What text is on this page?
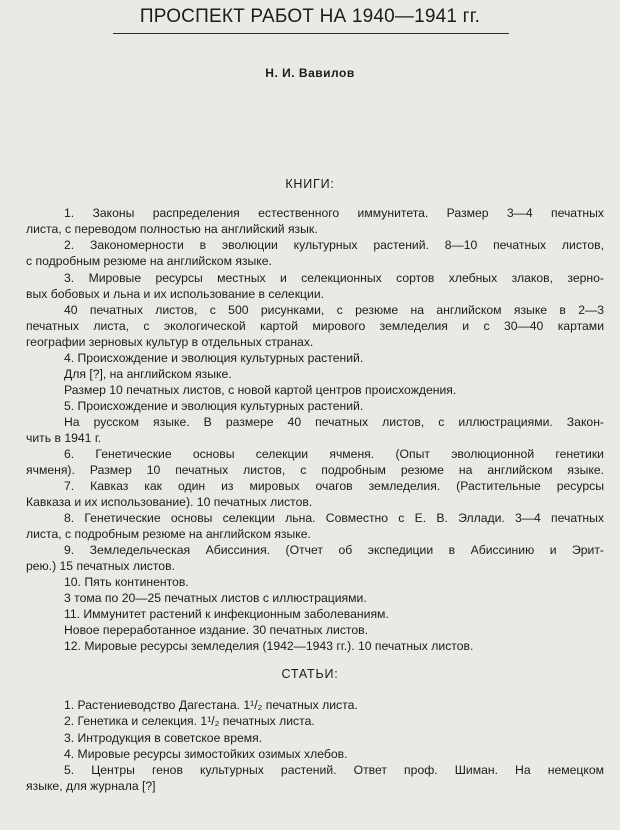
ПРОСПЕКТ РАБОТ НА 1940—1941 гг.
Н. И. Вавилов
КНИГИ:
1. Законы распределения естественного иммунитета. Размер 3—4 печатных
листа, с переводом полностью на английский язык.
2. Закономерности в эволюции культурных растений. 8—10 печатных листов,
с подробным резюме на английском языке.
3. Мировые ресурсы местных и селекционных сортов хлебных злаков, зерно-
вых бобовых и льна и их использование в селекции.
40 печатных листов, с 500 рисунками, с резюме на английском языке в 2—3
печатных листа, с экологической картой мирового земледелия и с 30—40 картами
географии зерновых культур в отдельных странах.
4. Происхождение и эволюция культурных растений.
Для [?], на английском языке.
Размер 10 печатных листов, с новой картой центров происхождения.
5. Происхождение и эволюция культурных растений.
На русском языке. В размере 40 печатных листов, с иллюстрациями. Закон-
чить в 1941 г.
6. Генетические основы селекции ячменя. (Опыт эволюционной генетики
ячменя). Размер 10 печатных листов, с подробным резюме на английском языке.
7. Кавказ как один из мировых очагов земледелия. (Растительные ресурсы
Кавказа и их использование). 10 печатных листов.
8. Генетические основы селекции льна. Совместно с Е. В. Эллади. 3—4 печатных
листа, с подробным резюме на английском языке.
9. Земледельческая Абиссиния. (Отчет об экспедиции в Абиссинию и Эрит-
рею.) 15 печатных листов.
10. Пять континентов.
3 тома по 20—25 печатных листов с иллюстрациями.
11. Иммунитет растений к инфекционным заболеваниям.
Новое переработанное издание. 30 печатных листов.
12. Мировые ресурсы земледелия (1942—1943 гг.). 10 печатных листов.
СТАТЬИ:
1. Растениеводство Дагестана. 1¹/₂ печатных листа.
2. Генетика и селекция. 1¹/₂ печатных листа.
3. Интродукция в советское время.
4. Мировые ресурсы зимостойких озимых хлебов.
5. Центры генов культурных растений. Ответ проф. Шиман. На немецком
языке, для журнала [?]
